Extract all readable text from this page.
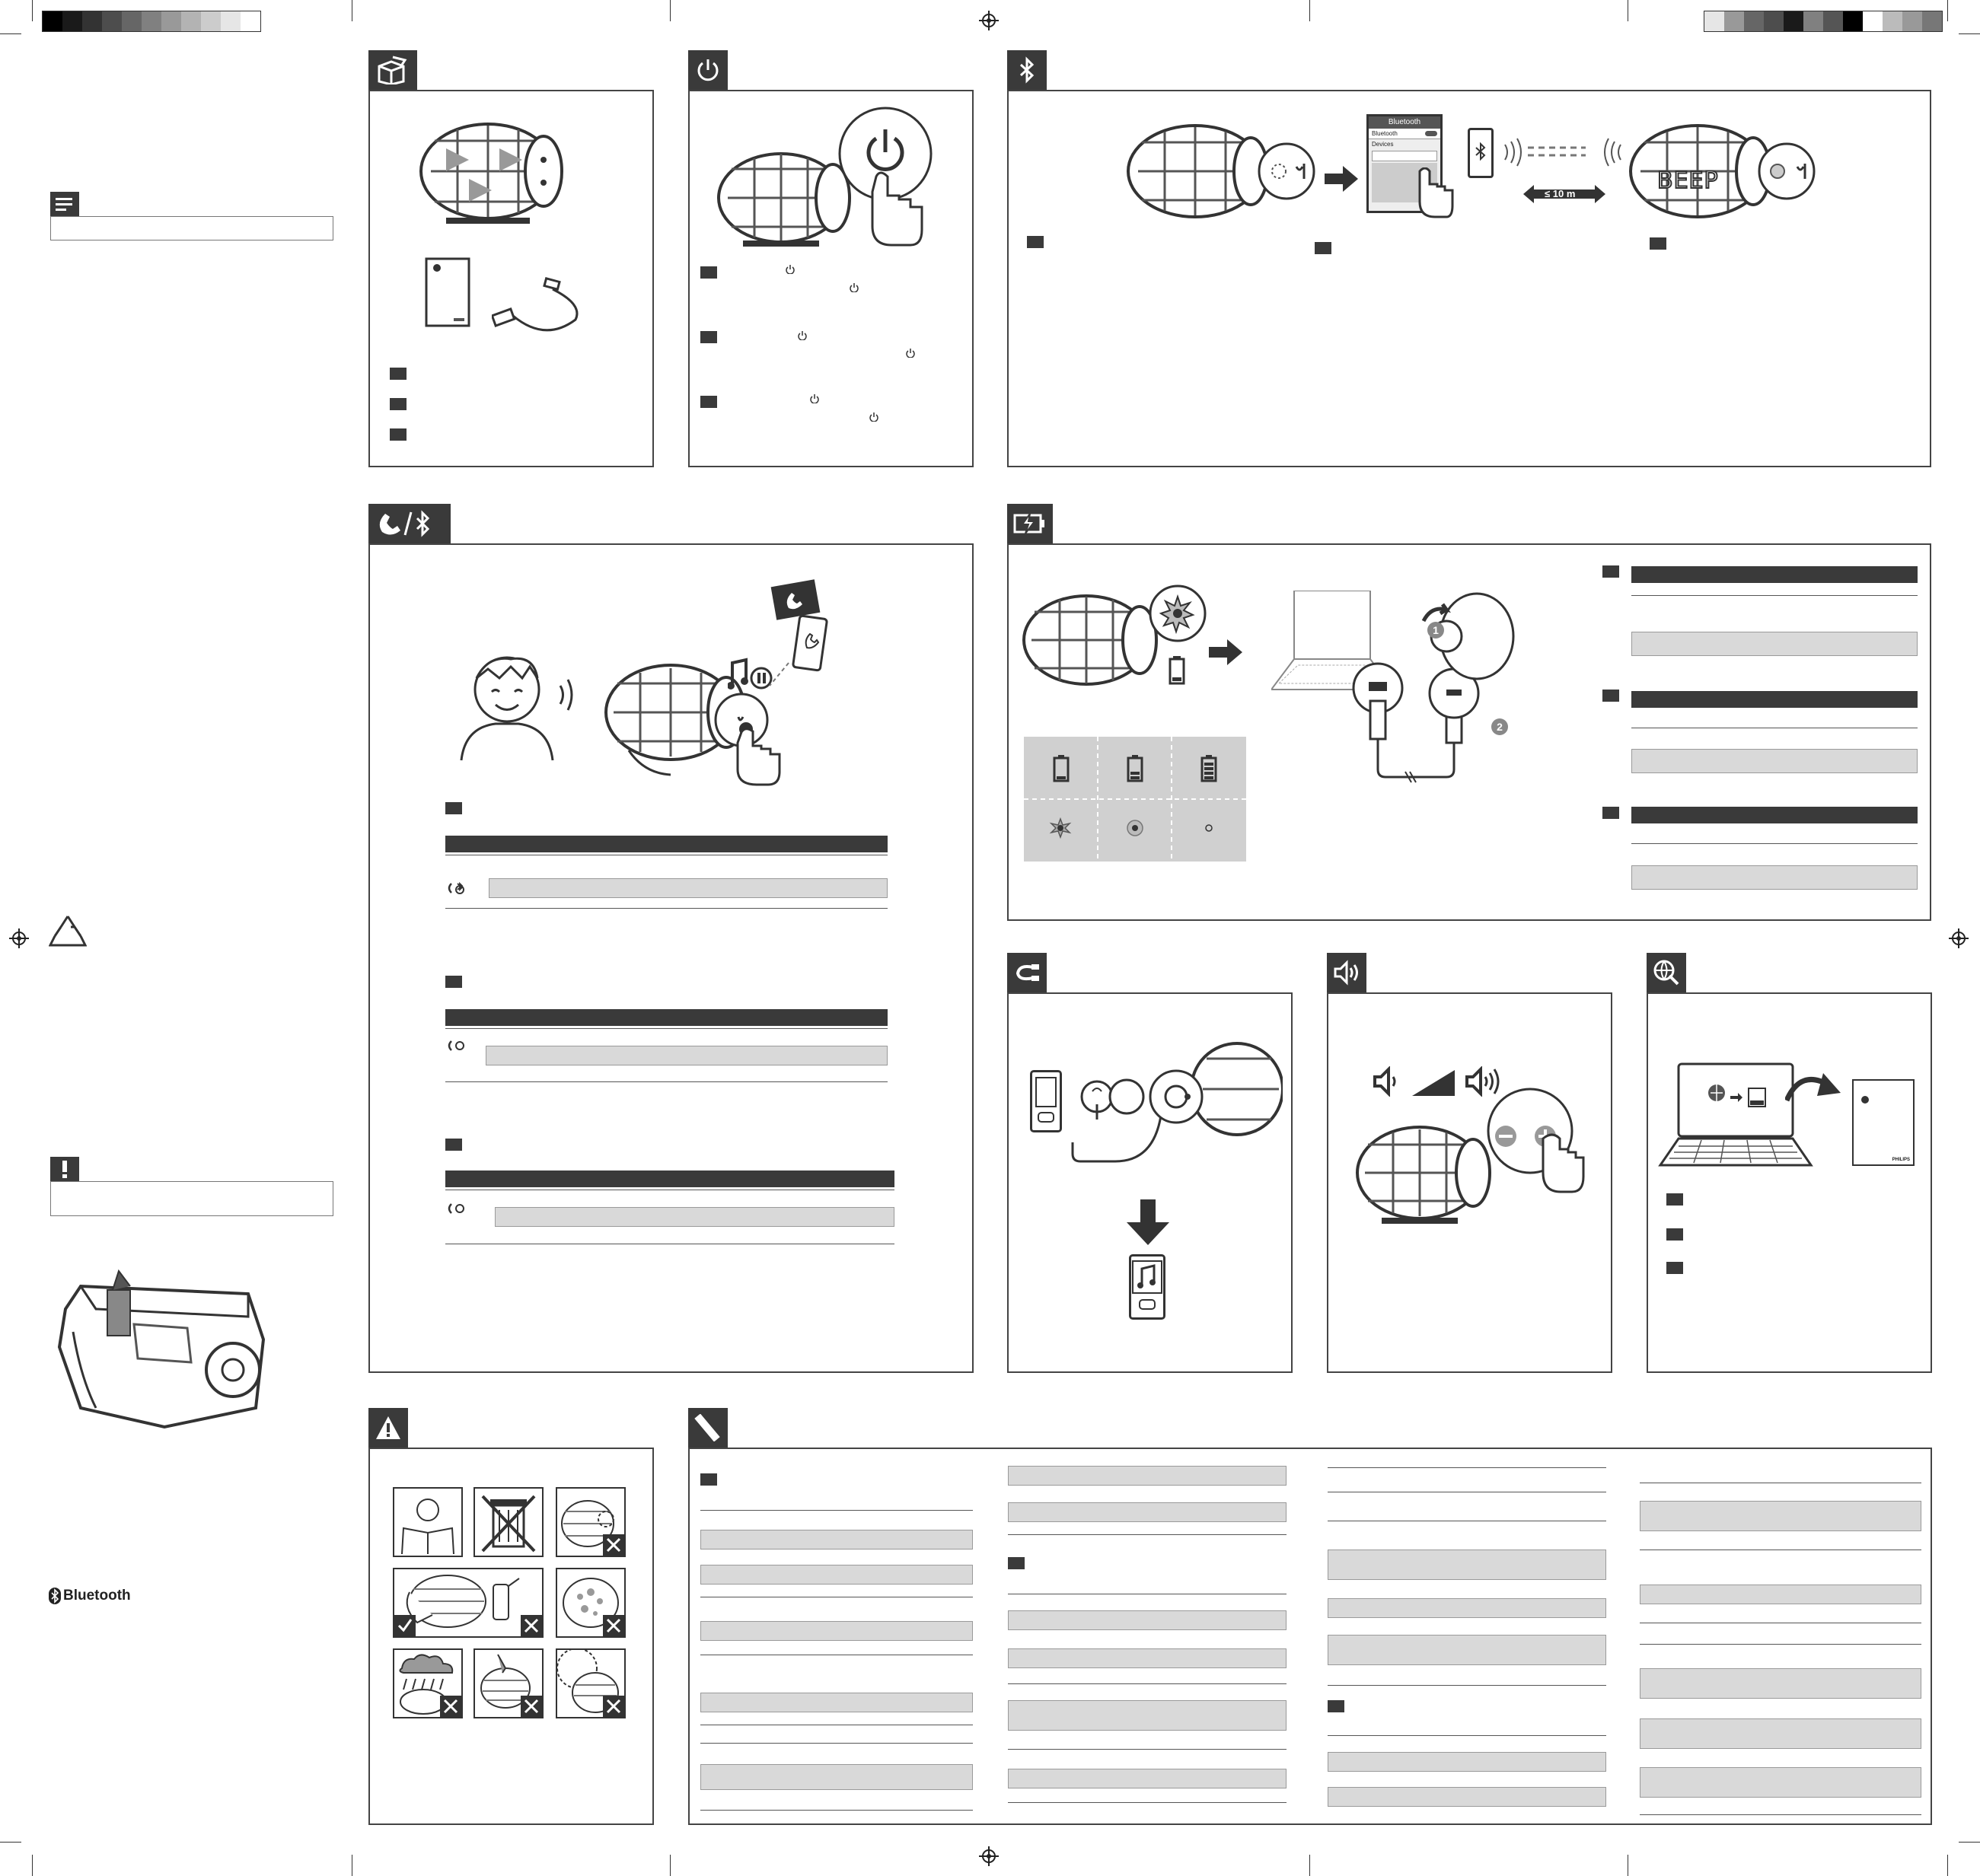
Bluetooth
Bluetooth
Bluetooth
Devices
≤ 10 m	BEEP
1
2
PHILIPS
